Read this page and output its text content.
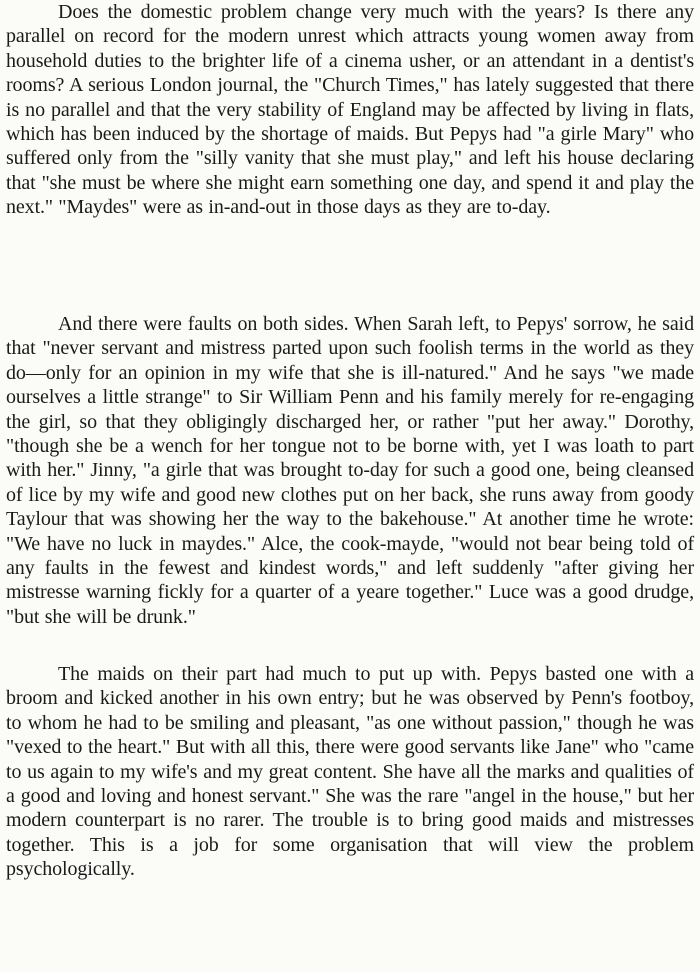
Does the domestic problem change very much with the years? Is there any parallel on record for the modern unrest which attracts young women away from household duties to the brighter life of a cinema usher, or an attendant in a dentist's rooms? A serious London journal, the "Church Times," has lately suggested that there is no parallel and that the very stability of England may be affected by living in flats, which has been induced by the shortage of maids. But Pepys had "a girle Mary" who suffered only from the "silly vanity that she must play," and left his house declaring that "she must be where she might earn something one day, and spend it and play the next." "Maydes" were as in-and-out in those days as they are to-day.

And there were faults on both sides. When Sarah left, to Pepys' sorrow, he said that "never servant and mistress parted upon such foolish terms in the world as they do—only for an opinion in my wife that she is ill-natured." And he says "we made ourselves a little strange" to Sir William Penn and his family merely for re-engaging the girl, so that they obligingly discharged her, or rather "put her away." Dorothy, "though she be a wench for her tongue not to be borne with, yet I was loath to part with her." Jinny, "a girle that was brought to-day for such a good one, being cleansed of lice by my wife and good new clothes put on her back, she runs away from goody Taylour that was showing her the way to the bakehouse." At another time he wrote: "We have no luck in maydes." Alce, the cook-mayde, "would not bear being told of any faults in the fewest and kindest words," and left suddenly "after giving her mistresse warning fickly for a quarter of a yeare together." Luce was a good drudge, "but she will be drunk."

The maids on their part had much to put up with. Pepys basted one with a broom and kicked another in his own entry; but he was observed by Penn's footboy, to whom he had to be smiling and pleasant, "as one without passion," though he was "vexed to the heart." But with all this, there were good servants like Jane" who "came to us again to my wife's and my great content. She have all the marks and qualities of a good and loving and honest servant." She was the rare "angel in the house," but her modern counterpart is no rarer. The trouble is to bring good maids and mistresses together. This is a job for some organisation that will view the problem psychologically.
